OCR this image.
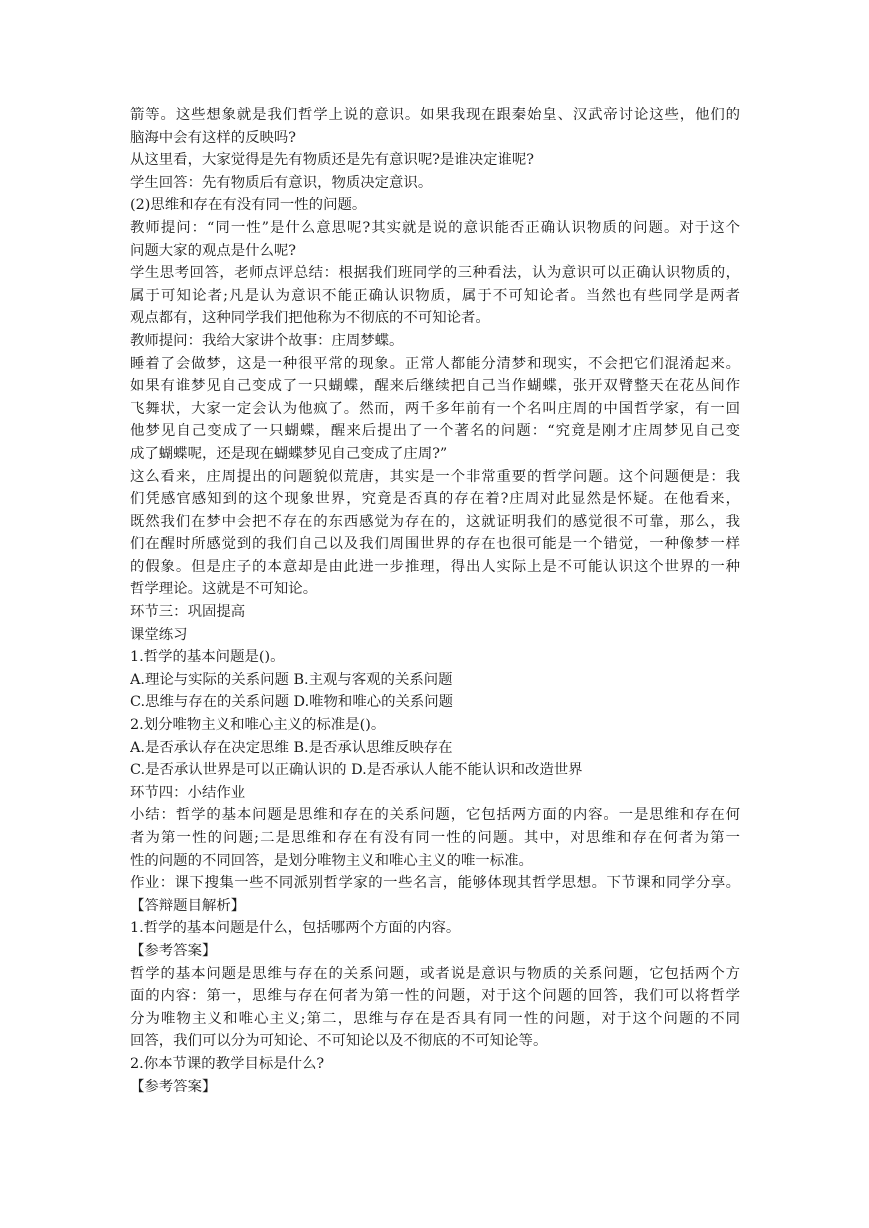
箭等。这些想象就是我们哲学上说的意识。如果我现在跟秦始皇、汉武帝讨论这些，他们的

脑海中会有这样的反映吗?

从这里看，大家觉得是先有物质还是先有意识呢?是谁决定谁呢?

学生回答：先有物质后有意识，物质决定意识。

(2)思维和存在有没有同一性的问题。

教师提问：“同一性”是什么意思呢?其实就是说的意识能否正确认识物质的问题。对于这个

问题大家的观点是什么呢?

学生思考回答，老师点评总结：根据我们班同学的三种看法，认为意识可以正确认识物质的，

属于可知论者;凡是认为意识不能正确认识物质，属于不可知论者。当然也有些同学是两者

观点都有，这种同学我们把他称为不彻底的不可知论者。

教师提问：我给大家讲个故事：庄周梦蝶。

睡着了会做梦，这是一种很平常的现象。正常人都能分清梦和现实，不会把它们混淆起来。

如果有谁梦见自己变成了一只蝴蝶，醒来后继续把自己当作蝴蝶，张开双臂整天在花丛间作

飞舞状，大家一定会认为他疯了。然而，两千多年前有一个名叫庄周的中国哲学家，有一回

他梦见自己变成了一只蝴蝶，醒来后提出了一个著名的问题：“究竟是刚才庄周梦见自己变

成了蝴蝶呢，还是现在蝴蝶梦见自己变成了庄周?”

这么看来，庄周提出的问题貌似荒唐，其实是一个非常重要的哲学问题。这个问题便是：我

们凭感官感知到的这个现象世界，究竟是否真的存在着?庄周对此显然是怀疑。在他看来，

既然我们在梦中会把不存在的东西感觉为存在的，这就证明我们的感觉很不可靠，那么，我

们在醒时所感觉到的我们自己以及我们周围世界的存在也很可能是一个错觉，一种像梦一样

的假象。但是庄子的本意却是由此进一步推理，得出人实际上是不可能认识这个世界的一种

哲学理论。这就是不可知论。

环节三：巩固提高

课堂练习

1.哲学的基本问题是()。

A.理论与实际的关系问题 B.主观与客观的关系问题

C.思维与存在的关系问题 D.唯物和唯心的关系问题

2.划分唯物主义和唯心主义的标准是()。

A.是否承认存在决定思维 B.是否承认思维反映存在

C.是否承认世界是可以正确认识的 D.是否承认人能不能认识和改造世界

环节四：小结作业

小结：哲学的基本问题是思维和存在的关系问题，它包括两方面的内容。一是思维和存在何

者为第一性的问题;二是思维和存在有没有同一性的问题。其中，对思维和存在何者为第一

性的问题的不同回答，是划分唯物主义和唯心主义的唯一标准。

作业：课下搜集一些不同派别哲学家的一些名言，能够体现其哲学思想。下节课和同学分享。

【答辩题目解析】

1.哲学的基本问题是什么，包括哪两个方面的内容。

【参考答案】

哲学的基本问题是思维与存在的关系问题，或者说是意识与物质的关系问题，它包括两个方

面的内容：第一，思维与存在何者为第一性的问题，对于这个问题的回答，我们可以将哲学

分为唯物主义和唯心主义;第二，思维与存在是否具有同一性的问题，对于这个问题的不同

回答，我们可以分为可知论、不可知论以及不彻底的不可知论等。

2.你本节课的教学目标是什么?

【参考答案】
